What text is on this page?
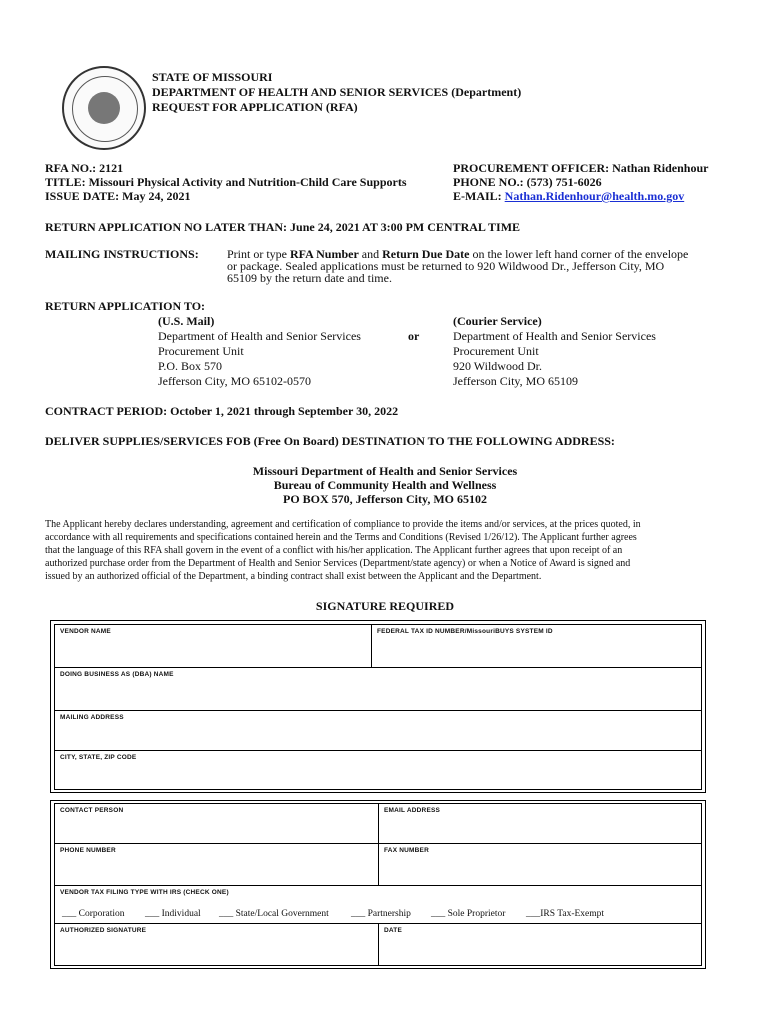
STATE OF MISSOURI
DEPARTMENT OF HEALTH AND SENIOR SERVICES (Department)
REQUEST FOR APPLICATION (RFA)
RFA NO.: 2121
TITLE: Missouri Physical Activity and Nutrition-Child Care Supports
ISSUE DATE: May 24, 2021
PROCUREMENT OFFICER: Nathan Ridenhour
PHONE NO.: (573) 751-6026
E-MAIL: Nathan.Ridenhour@health.mo.gov
RETURN APPLICATION NO LATER THAN: June 24, 2021 AT 3:00 PM CENTRAL TIME
MAILING INSTRUCTIONS: Print or type RFA Number and Return Due Date on the lower left hand corner of the envelope
or package. Sealed applications must be returned to 920 Wildwood Dr., Jefferson City, MO
65109 by the return date and time.
RETURN APPLICATION TO:
(U.S. Mail)
Department of Health and Senior Services
Procurement Unit
P.O. Box 570
Jefferson City, MO 65102-0570
or
(Courier Service)
Department of Health and Senior Services
Procurement Unit
920 Wildwood Dr.
Jefferson City, MO 65109
CONTRACT PERIOD: October 1, 2021 through September 30, 2022
DELIVER SUPPLIES/SERVICES FOB (Free On Board) DESTINATION TO THE FOLLOWING ADDRESS:
Missouri Department of Health and Senior Services
Bureau of Community Health and Wellness
PO BOX 570, Jefferson City, MO 65102
The Applicant hereby declares understanding, agreement and certification of compliance to provide the items and/or services, at the prices quoted, in
accordance with all requirements and specifications contained herein and the Terms and Conditions (Revised 1/26/12). The Applicant further agrees
that the language of this RFA shall govern in the event of a conflict with his/her application. The Applicant further agrees that upon receipt of an
authorized purchase order from the Department of Health and Senior Services (Department/state agency) or when a Notice of Award is signed and
issued by an authorized official of the Department, a binding contract shall exist between the Applicant and the Department.
SIGNATURE REQUIRED
VENDOR NAME	FEDERAL TAX ID NUMBER/MissouriBUYS SYSTEM ID
DOING BUSINESS AS (DBA) NAME
MAILING ADDRESS
CITY, STATE, ZIP CODE
CONTACT PERSON	EMAIL ADDRESS
PHONE NUMBER	FAX NUMBER
VENDOR TAX FILING TYPE WITH IRS (CHECK ONE)
___ Corporation ___ Individual ___ State/Local Government ___ Partnership ___ Sole Proprietor ___IRS Tax-Exempt
AUTHORIZED SIGNATURE	DATE
